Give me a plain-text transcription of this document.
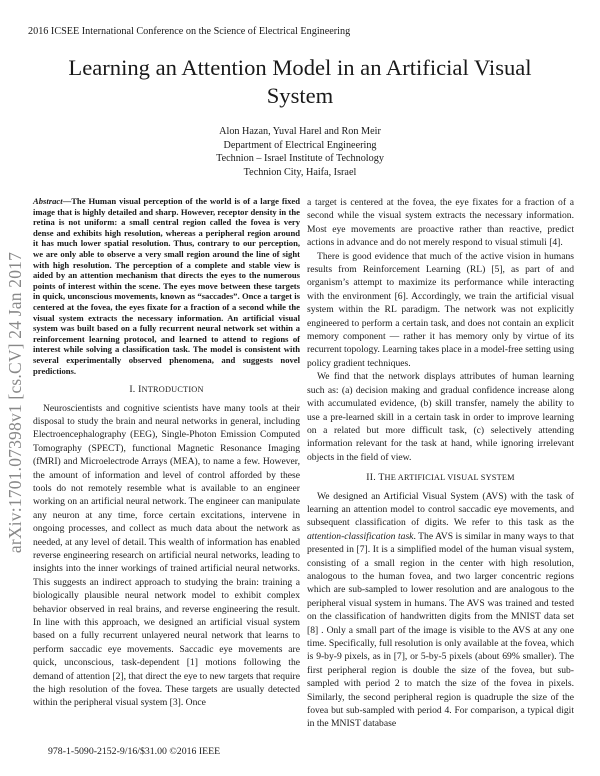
2016 ICSEE International Conference on the Science of Electrical Engineering
arXiv:1701.07398v1 [cs.CV] 24 Jan 2017
Learning an Attention Model in an Artificial Visual System
Alon Hazan, Yuval Harel and Ron Meir
Department of Electrical Engineering
Technion – Israel Institute of Technology
Technion City, Haifa, Israel

Abstract—The Human visual perception of the world is of a large fixed image that is highly detailed and sharp. However, receptor density in the retina is not uniform: a small central region called the fovea is very dense and exhibits high resolution, whereas a peripheral region around it has much lower spatial resolution. Thus, contrary to our perception, we are only able to observe a very small region around the line of sight with high resolution. The perception of a complete and stable view is aided by an attention mechanism that directs the eyes to the numerous points of interest within the scene. The eyes move between these targets in quick, unconscious movements, known as “saccades”. Once a target is centered at the fovea, the eyes fixate for a fraction of a second while the visual system extracts the necessary information. An artificial visual system was built based on a fully recurrent neural network set within a reinforcement learning protocol, and learned to attend to regions of interest while solving a classification task. The model is consistent with several experimentally observed phenomena, and suggests novel predictions.

I. INTRODUCTION

Neuroscientists and cognitive scientists have many tools at their disposal to study the brain and neural networks in general, including Electroencephalography (EEG), Single-Photon Emission Computed Tomography (SPECT), functional Magnetic Resonance Imaging (fMRI) and Microelectrode Arrays (MEA), to name a few. However, the amount of information and level of control afforded by these tools do not remotely resemble what is available to an engineer working on an artificial neural network. The engineer can manipulate any neuron at any time, force certain excitations, intervene in ongoing processes, and collect as much data about the network as needed, at any level of detail. This wealth of information has enabled reverse engineering research on artificial neural networks, leading to insights into the inner workings of trained artificial neural networks. This suggests an indirect approach to studying the brain: training a biologically plausible neural network model to exhibit complex behavior observed in real brains, and reverse engineering the result. In line with this approach, we designed an artificial visual system based on a fully recurrent unlayered neural network that learns to perform saccadic eye movements. Saccadic eye movements are quick, unconscious, task-dependent [1] motions following the demand of attention [2], that direct the eye to new targets that require the high resolution of the fovea. These targets are usually detected within the peripheral visual system [3]. Once

a target is centered at the fovea, the eye fixates for a fraction of a second while the visual system extracts the necessary information. Most eye movements are proactive rather than reactive, predict actions in advance and do not merely respond to visual stimuli [4].

There is good evidence that much of the active vision in humans results from Reinforcement Learning (RL) [5], as part of and organism’s attempt to maximize its performance while interacting with the environment [6]. Accordingly, we train the artificial visual system within the RL paradigm. The network was not explicitly engineered to perform a certain task, and does not contain an explicit memory component — rather it has memory only by virtue of its recurrent topology. Learning takes place in a model-free setting using policy gradient techniques.

We find that the network displays attributes of human learning such as: (a) decision making and gradual confidence increase along with accumulated evidence, (b) skill transfer, namely the ability to use a pre-learned skill in a certain task in order to improve learning on a related but more difficult task, (c) selectively attending information relevant for the task at hand, while ignoring irrelevant objects in the field of view.

II. THE ARTIFICIAL VISUAL SYSTEM

We designed an Artificial Visual System (AVS) with the task of learning an attention model to control saccadic eye movements, and subsequent classification of digits. We refer to this task as the attention-classification task. The AVS is similar in many ways to that presented in [7]. It is a simplified model of the human visual system, consisting of a small region in the center with high resolution, analogous to the human fovea, and two larger concentric regions which are sub-sampled to lower resolution and are analogous to the peripheral visual system in humans. The AVS was trained and tested on the classification of handwritten digits from the MNIST data set [8] . Only a small part of the image is visible to the AVS at any one time. Specifically, full resolution is only available at the fovea, which is 9-by-9 pixels, as in [7], or 5-by-5 pixels (about 69% smaller). The first peripheral region is double the size of the fovea, but sub-sampled with period 2 to match the size of the fovea in pixels. Similarly, the second peripheral region is quadruple the size of the fovea but sub-sampled with period 4. For comparison, a typical digit in the MNIST database

978-1-5090-2152-9/16/$31.00 ©2016 IEEE
